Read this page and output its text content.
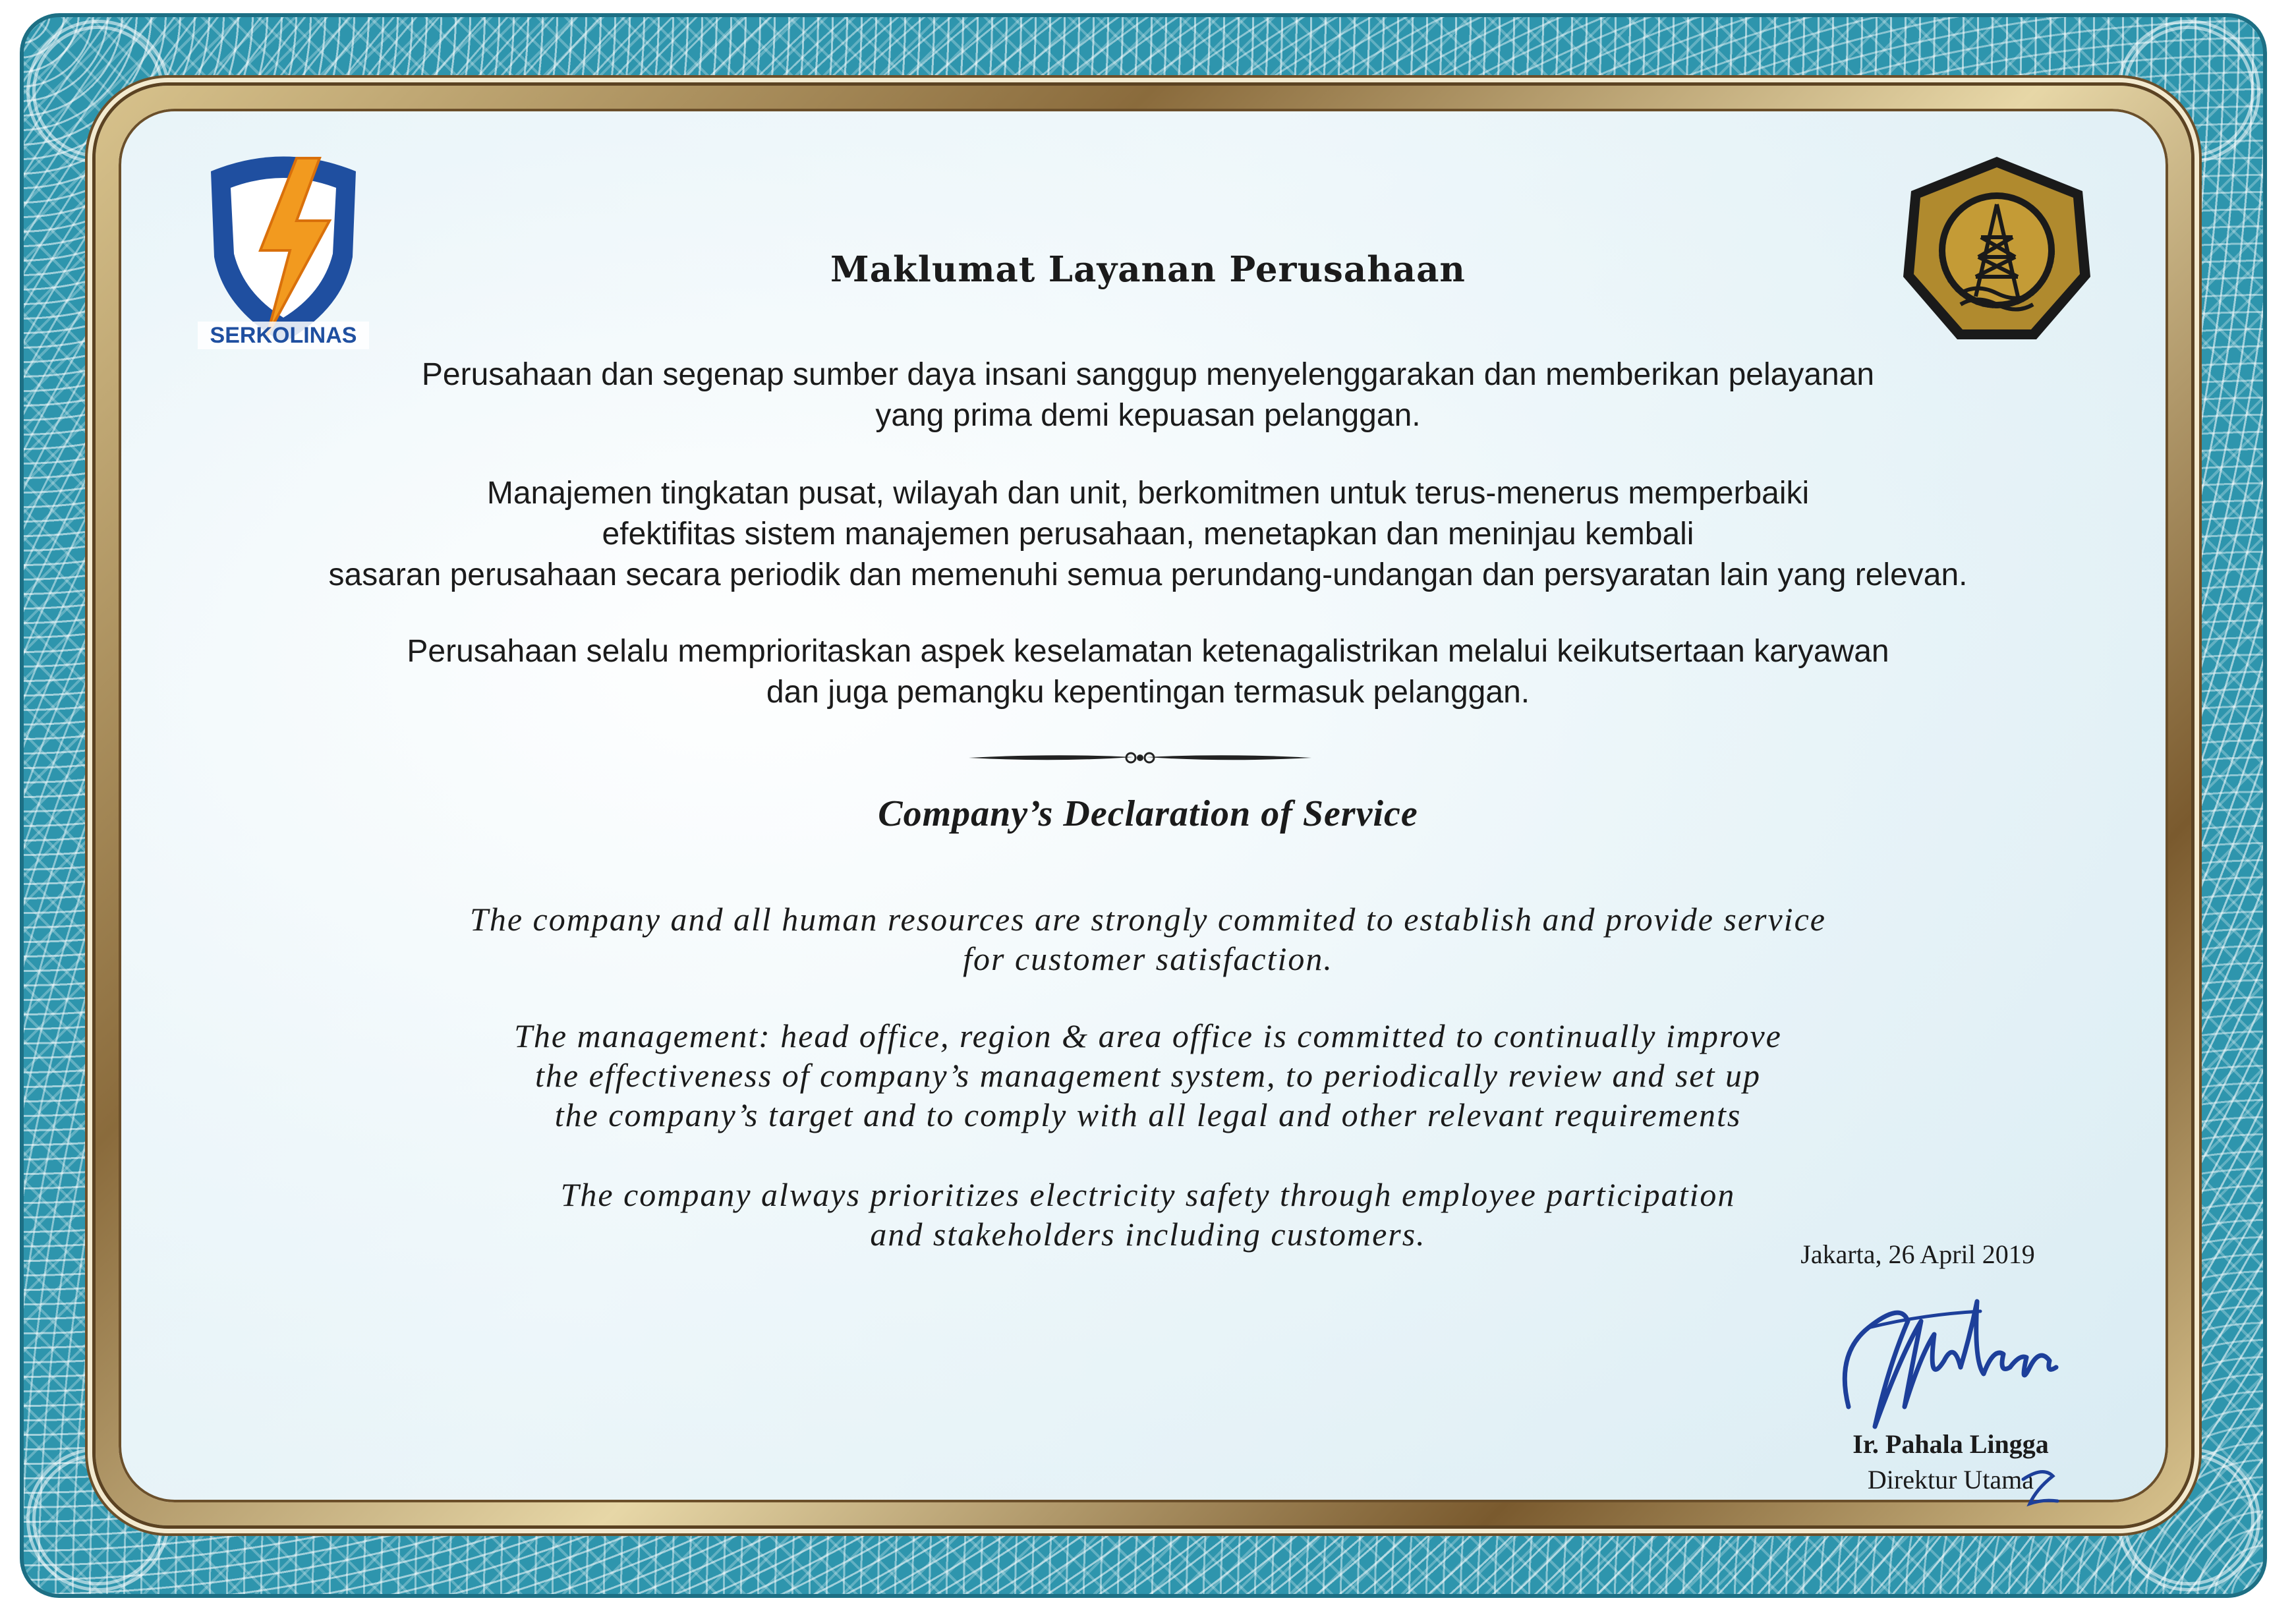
SERKOLINAS
ENERGI DAN SUMBER DAYA MINERAL
Maklumat Layanan Perusahaan
Perusahaan dan segenap sumber daya insani sanggup menyelenggarakan dan memberikan pelayanan
yang prima demi kepuasan pelanggan.
Manajemen tingkatan pusat, wilayah dan unit, berkomitmen untuk terus-menerus memperbaiki
efektifitas sistem manajemen perusahaan, menetapkan dan meninjau kembali
sasaran perusahaan secara periodik dan memenuhi semua perundang-undangan dan persyaratan lain yang relevan.
Perusahaan selalu memprioritaskan aspek keselamatan ketenagalistrikan melalui keikutsertaan karyawan
dan juga pemangku kepentingan termasuk pelanggan.
Company’s Declaration of Service
The company and all human resources are strongly commited to establish and provide service
for customer satisfaction.
The management: head office, region & area office is committed to continually improve
the effectiveness of company’s management system, to periodically review and set up
the company’s target and to comply with all legal and other relevant requirements
The company always prioritizes electricity safety through employee participation
and stakeholders including customers.
Jakarta, 26 April 2019
Ir. Pahala Lingga
Direktur Utama
